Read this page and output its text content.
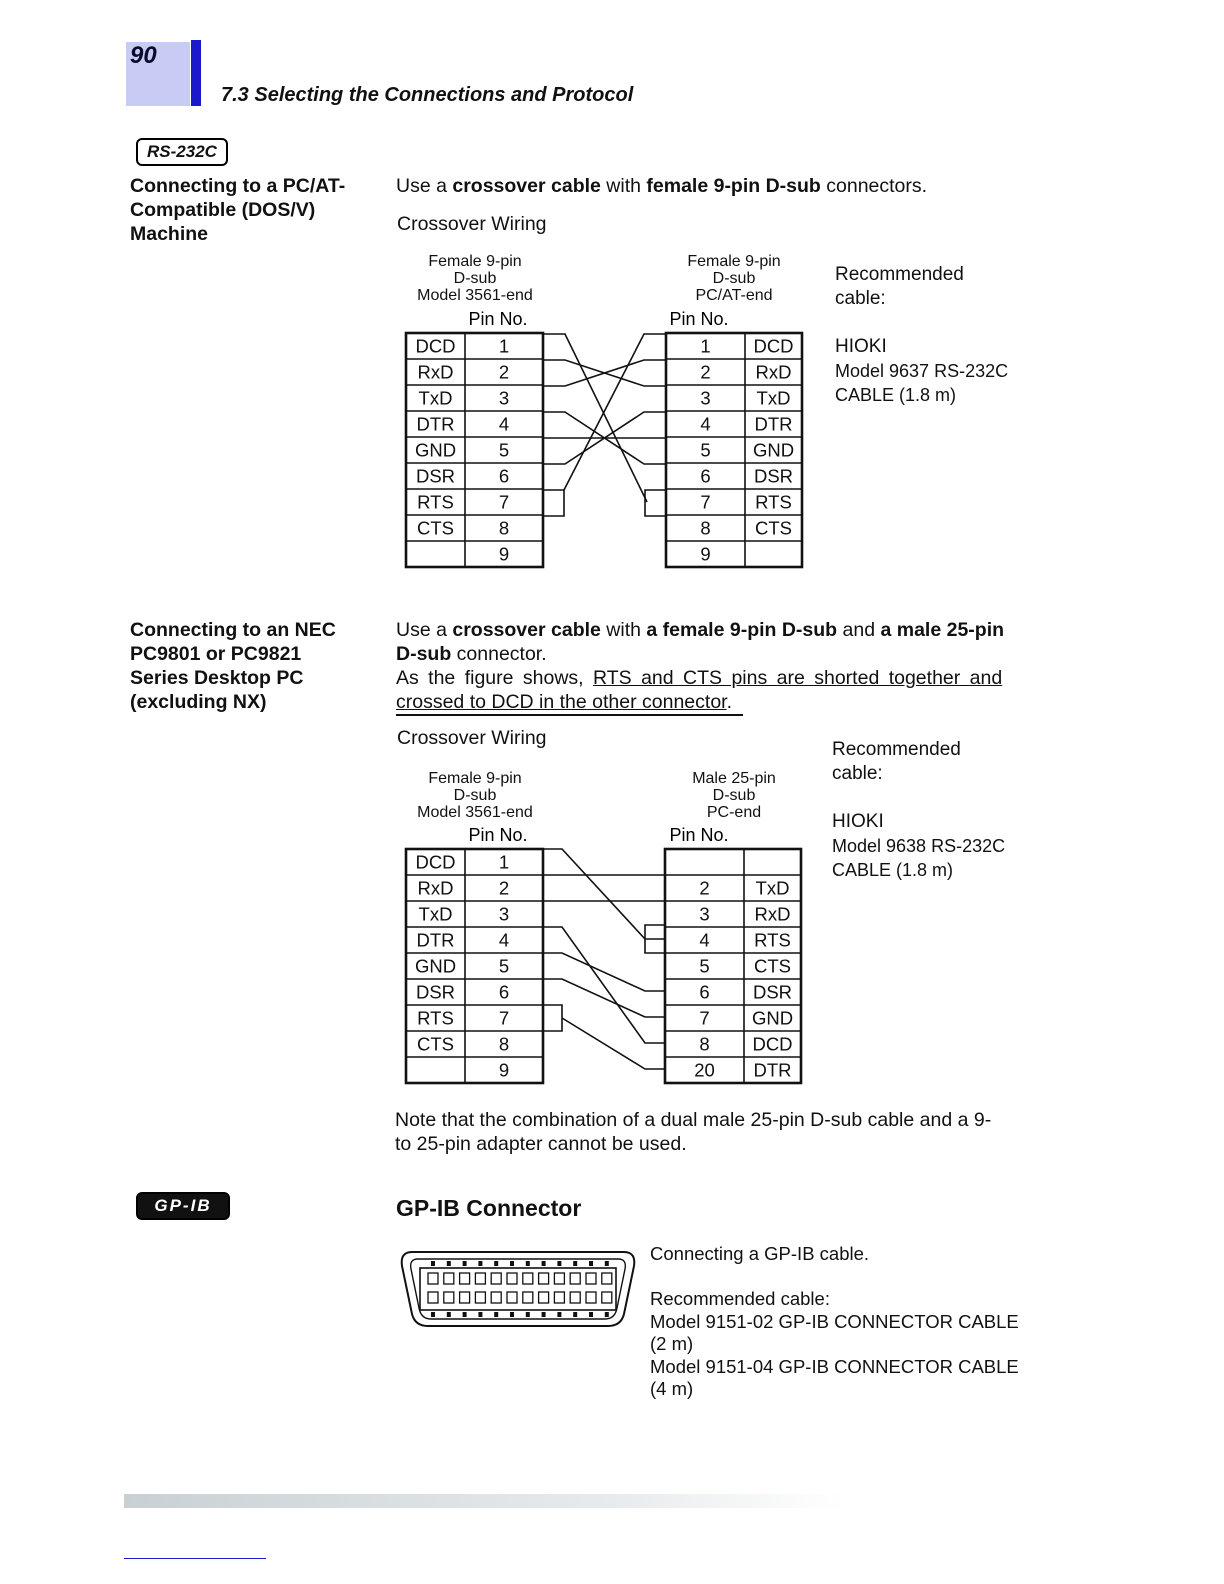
90
7.3 Selecting the Connections and Protocol
RS-232C
Connecting to a PC/AT-
Compatible (DOS/V)
Machine
Use a crossover cable with female 9-pin D-sub connectors.
Crossover Wiring
Female 9-pin
D-sub
Model 3561-end
Female 9-pin
D-sub
PC/AT-end
Pin No.	Pin No.
DCD 1
RxD 2
TxD	3
DTR 4
GND 5
DSR 6
RTS 7
CTS 8
9
1 DCD
2 RxD
3 TxD
4 DTR
5 GND
6 DSR
7 RTS
8 CTS
9
Recommended
cable:
HIOKI
Model 9637 RS-232C
CABLE (1.8 m)
Connecting to an NEC
PC9801 or PC9821
Series Desktop PC
(excluding NX)
Use a crossover cable with a female 9-pin D-sub and a male 25-pin
D-sub connector.
As the figure shows, RTS and CTS pins are shorted together and
crossed to DCD in the other connector.
Crossover Wiring
Female 9-pin
D-sub
Model 3561-end
Male 25-pin
D-sub
PC-end
Pin No.	Pin No.
DCD 1
RxD 2
TxD	3
DTR 4
GND 5
DSR 6
RTS 7
CTS 8
9
2 TxD
3 RxD
4 RTS
5 CTS
6 DSR
7 GND
8 DCD
20 DTR
Recommended
cable:
HIOKI
Model 9638 RS-232C
CABLE (1.8 m)
Note that the combination of a dual male 25-pin D-sub cable and a 9-
to 25-pin adapter cannot be used.
GP-IB	GP-IB Connector
Connecting a GP-IB cable.
Recommended cable:
Model 9151-02 GP-IB CONNECTOR CABLE
(2 m)
Model 9151-04 GP-IB CONNECTOR CABLE
(4 m)
